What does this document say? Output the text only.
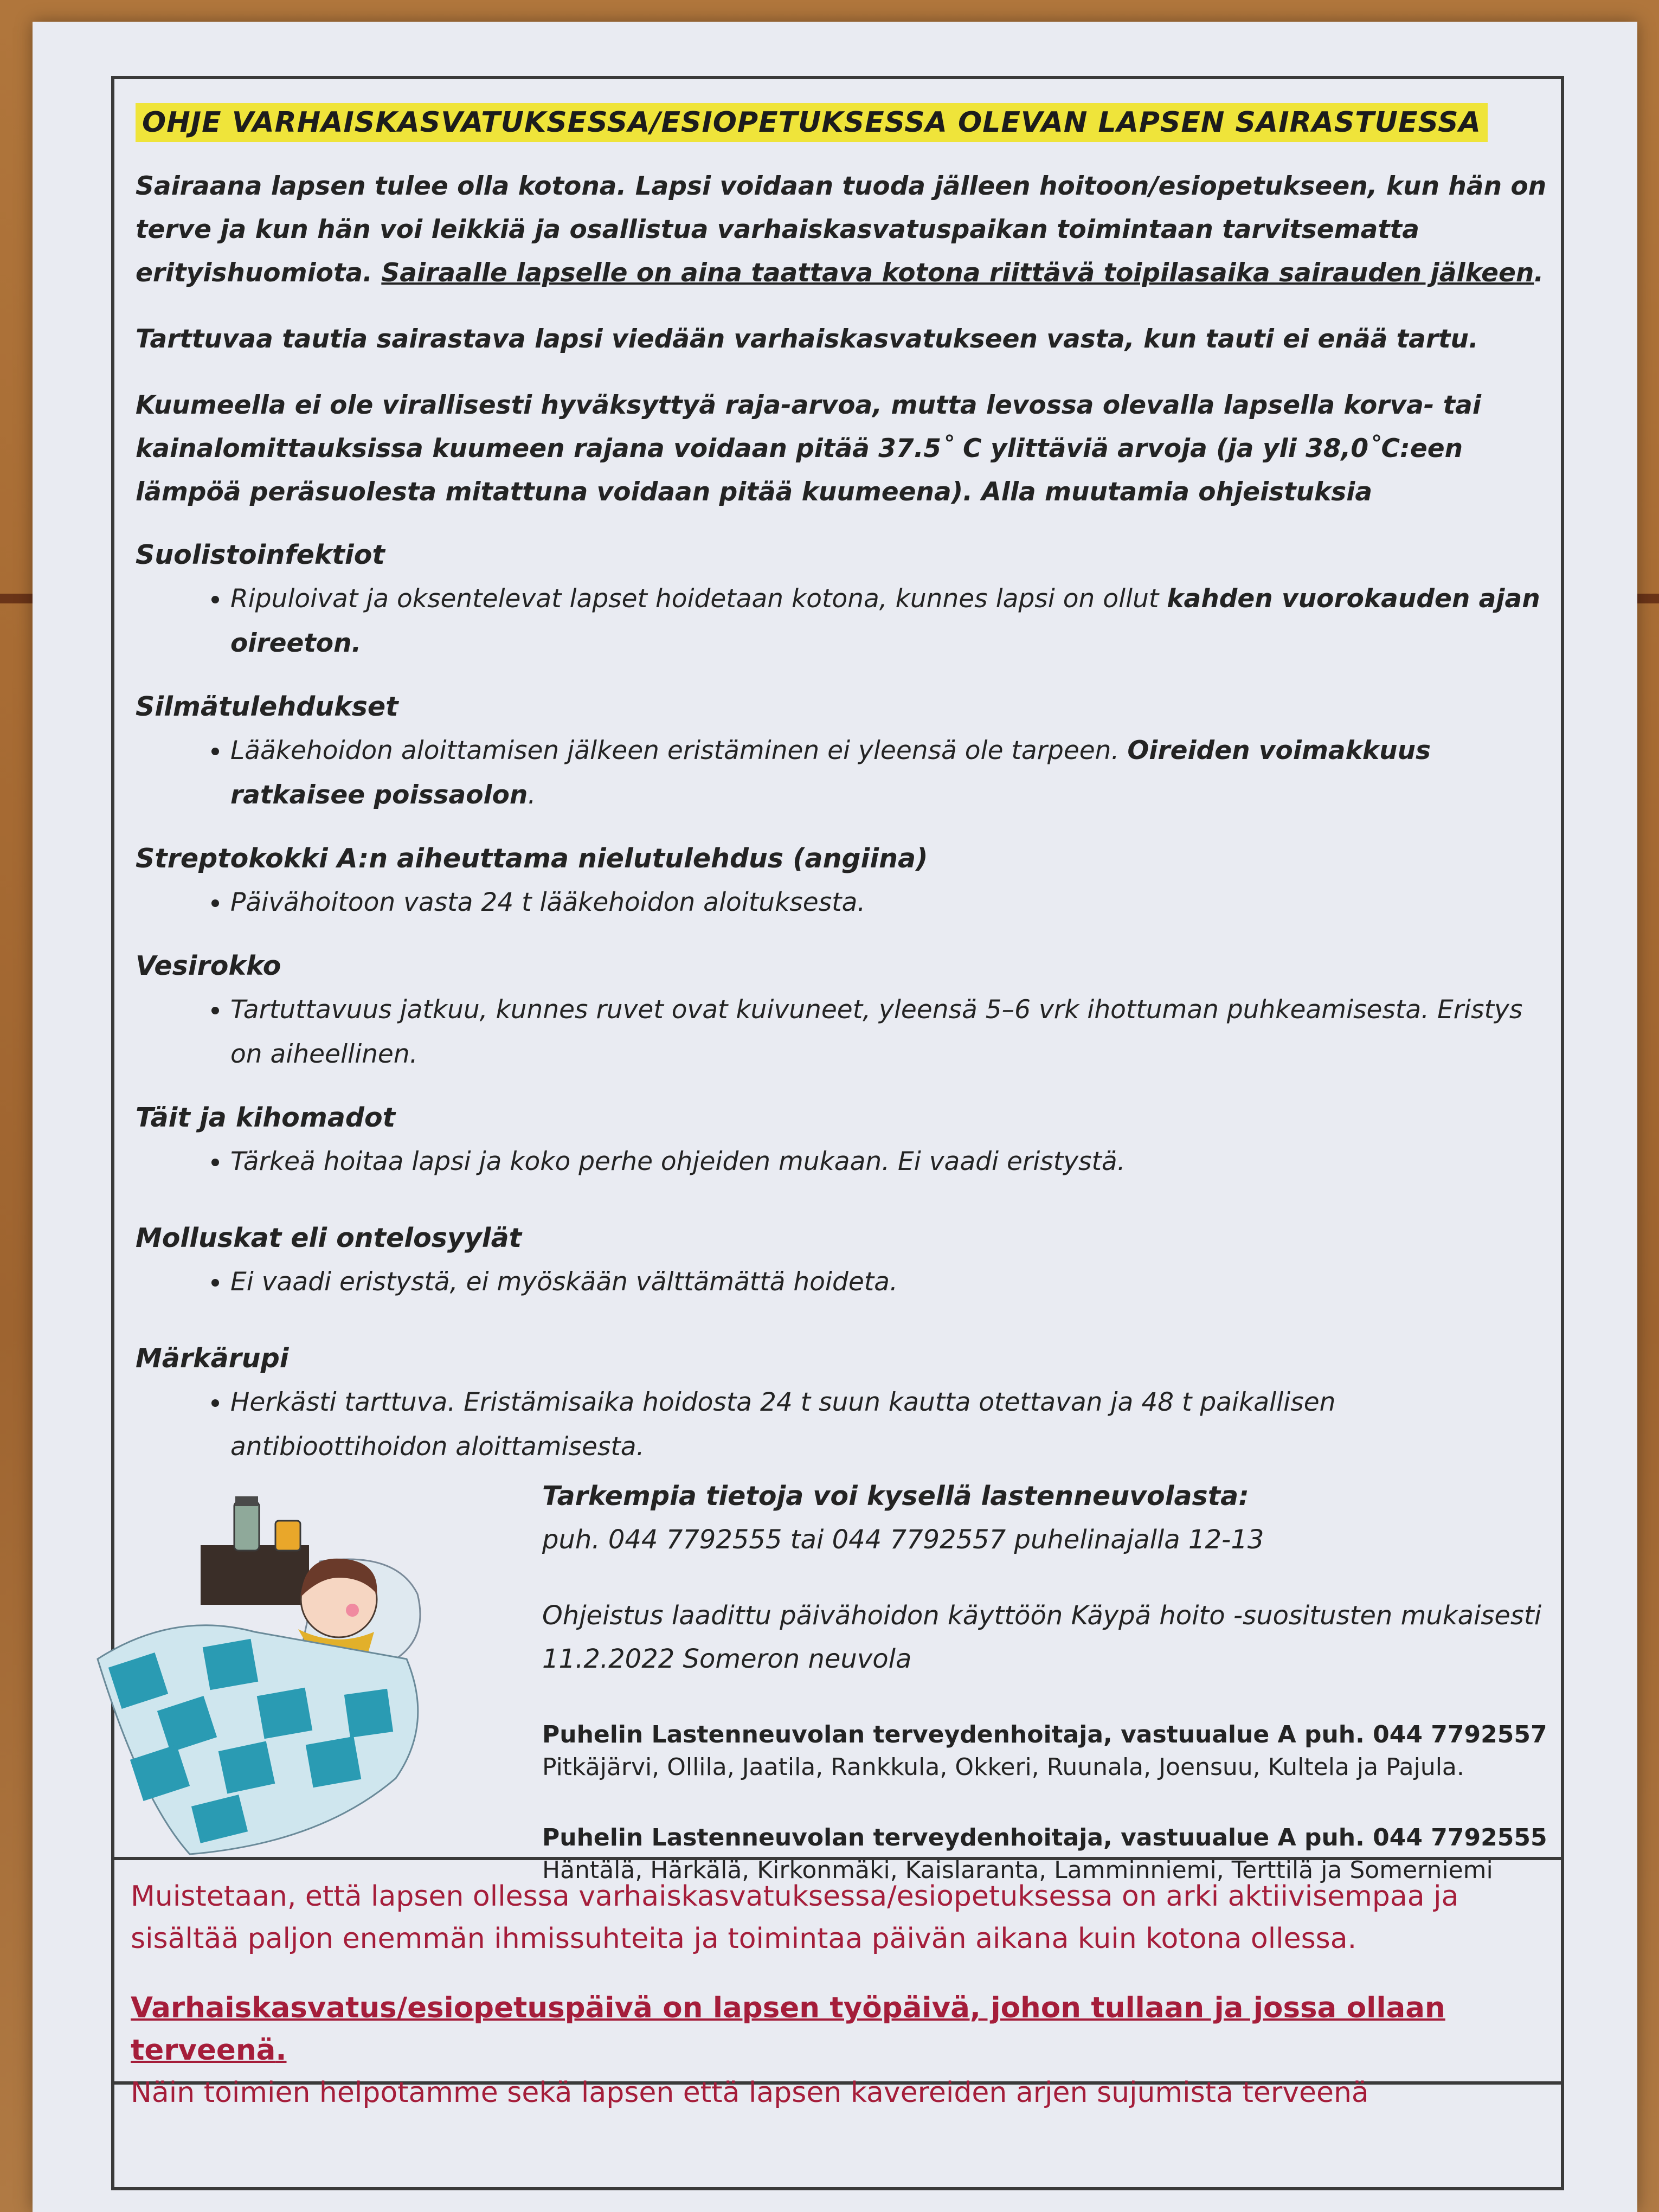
OHJE VARHAISKASVATUKSESSA/ESIOPETUKSESSA OLEVAN LAPSEN SAIRASTUESSA

Sairaana lapsen tulee olla kotona. Lapsi voidaan tuoda jälleen hoitoon/esiopetukseen, kun hän on terve ja kun hän voi leikkiä ja osallistua varhaiskasvatuspaikan toimintaan tarvitsematta erityishuomiota. Sairaalle lapselle on aina taattava kotona riittävä toipilasaika sairauden jälkeen.

Tarttuvaa tautia sairastava lapsi viedään varhaiskasvatukseen vasta, kun tauti ei enää tartu.

Kuumeella ei ole virallisesti hyväksyttyä raja-arvoa, mutta levossa olevalla lapsella korva- tai kainalomittauksissa kuumeen rajana voidaan pitää 37.5˚ C ylittäviä arvoja (ja yli 38,0˚C:een lämpöä peräsuolesta mitattuna voidaan pitää kuumeena). Alla muutamia ohjeistuksia

Suolistoinfektiot
• Ripuloivat ja oksentelevat lapset hoidetaan kotona, kunnes lapsi on ollut kahden vuorokauden ajan oireeton.
Silmätulehdukset
• Lääkehoidon aloittamisen jälkeen eristäminen ei yleensä ole tarpeen. Oireiden voimakkuus ratkaisee poissaolon.
Streptokokki A:n aiheuttama nielutulehdus (angiina)
• Päivähoitoon vasta 24 t lääkehoidon aloituksesta.
Vesirokko
• Tartuttavuus jatkuu, kunnes ruvet ovat kuivuneet, yleensä 5–6 vrk ihottuman puhkeamisesta. Eristys on aiheellinen.
Täit ja kihomadot
• Tärkeä hoitaa lapsi ja koko perhe ohjeiden mukaan. Ei vaadi eristystä.
Molluskat eli ontelosyylät
• Ei vaadi eristystä, ei myöskään välttämättä hoideta.
Märkärupi
• Herkästi tarttuva. Eristämisaika hoidosta 24 t suun kautta otettavan ja 48 t paikallisen antibioottihoidon aloittamisesta.
Tarkempia tietoja voi kysellä lastenneuvolasta:
puh. 044 7792555 tai 044 7792557 puhelinajalla 12-13
Ohjeistus laadittu päivähoidon käyttöön Käypä hoito -suositusten mukaisesti 11.2.2022 Someron neuvola
Puhelin Lastenneuvolan terveydenhoitaja, vastuualue A puh. 044 7792557
Pitkäjärvi, Ollila, Jaatila, Rankkula, Okkeri, Ruunala, Joensuu, Kultela ja Pajula.
Puhelin Lastenneuvolan terveydenhoitaja, vastuualue A puh. 044 7792555
Häntälä, Härkälä, Kirkonmäki, Kaislaranta, Lamminniemi, Terttilä ja Somerniemi
Muistetaan, että lapsen ollessa varhaiskasvatuksessa/esiopetuksessa on arki aktiivisempaa ja sisältää paljon enemmän ihmissuhteita ja toimintaa päivän aikana kuin kotona ollessa.
Varhaiskasvatus/esiopetuspäivä on lapsen työpäivä, johon tullaan ja jossa ollaan terveenä.
Näin toimien helpotamme sekä lapsen että lapsen kavereiden arjen sujumista terveenä
